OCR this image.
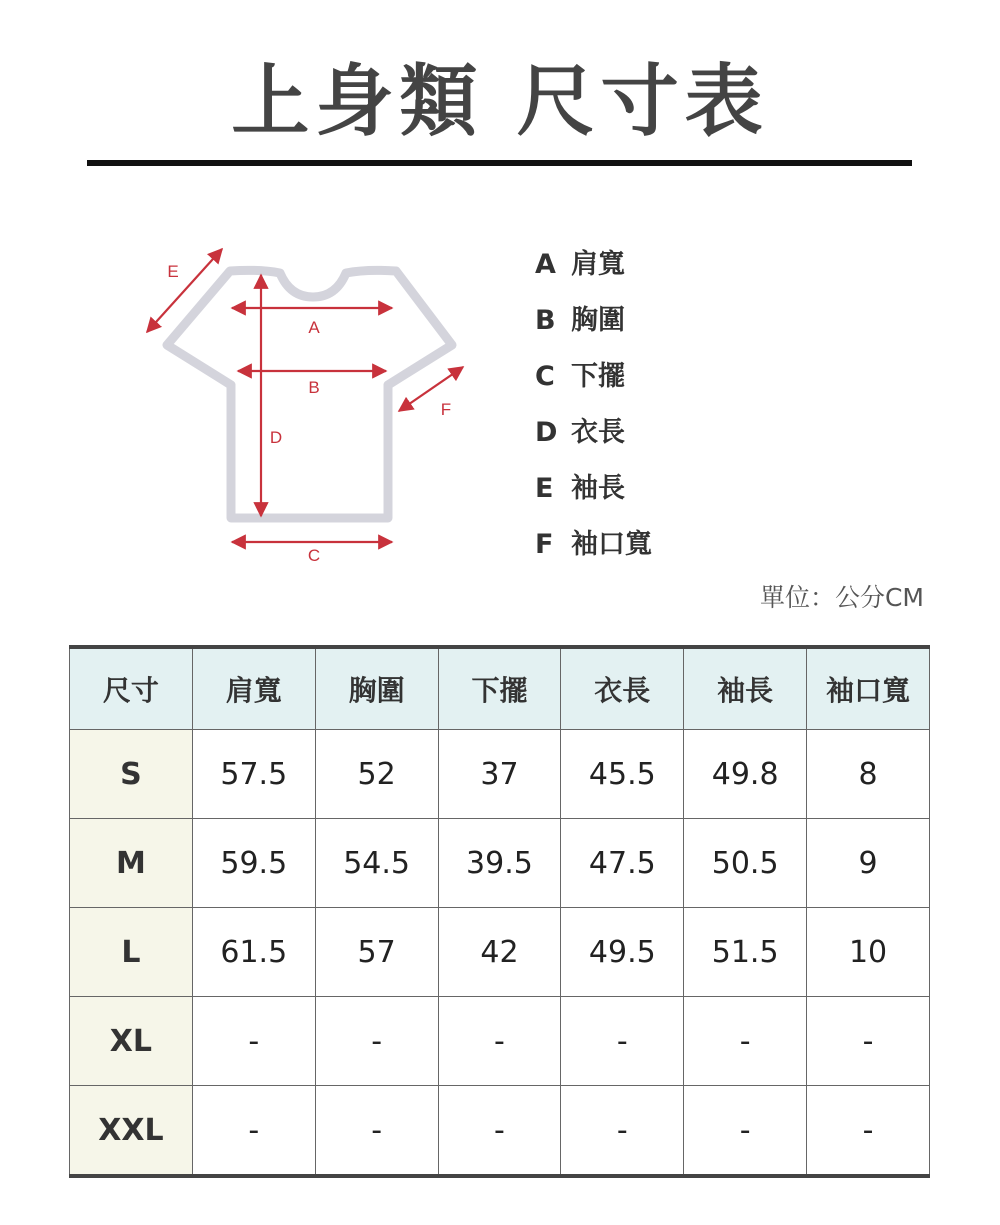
上身類 尺寸表
A
B
C
D
E
F
A 肩寬
B 胸圍
C 下擺
D 衣長
E 袖長
F 袖口寬
單位：公分CM
尺寸	肩寬	胸圍	下擺	衣長	袖長	袖口寬
S	57.5	52	37	45.5	49.8	8
M	59.5	54.5	39.5	47.5	50.5	9
L	61.5	57	42	49.5	51.5	10
XL	-	-	-	-	-	-
XXL	-	-	-	-	-	-
